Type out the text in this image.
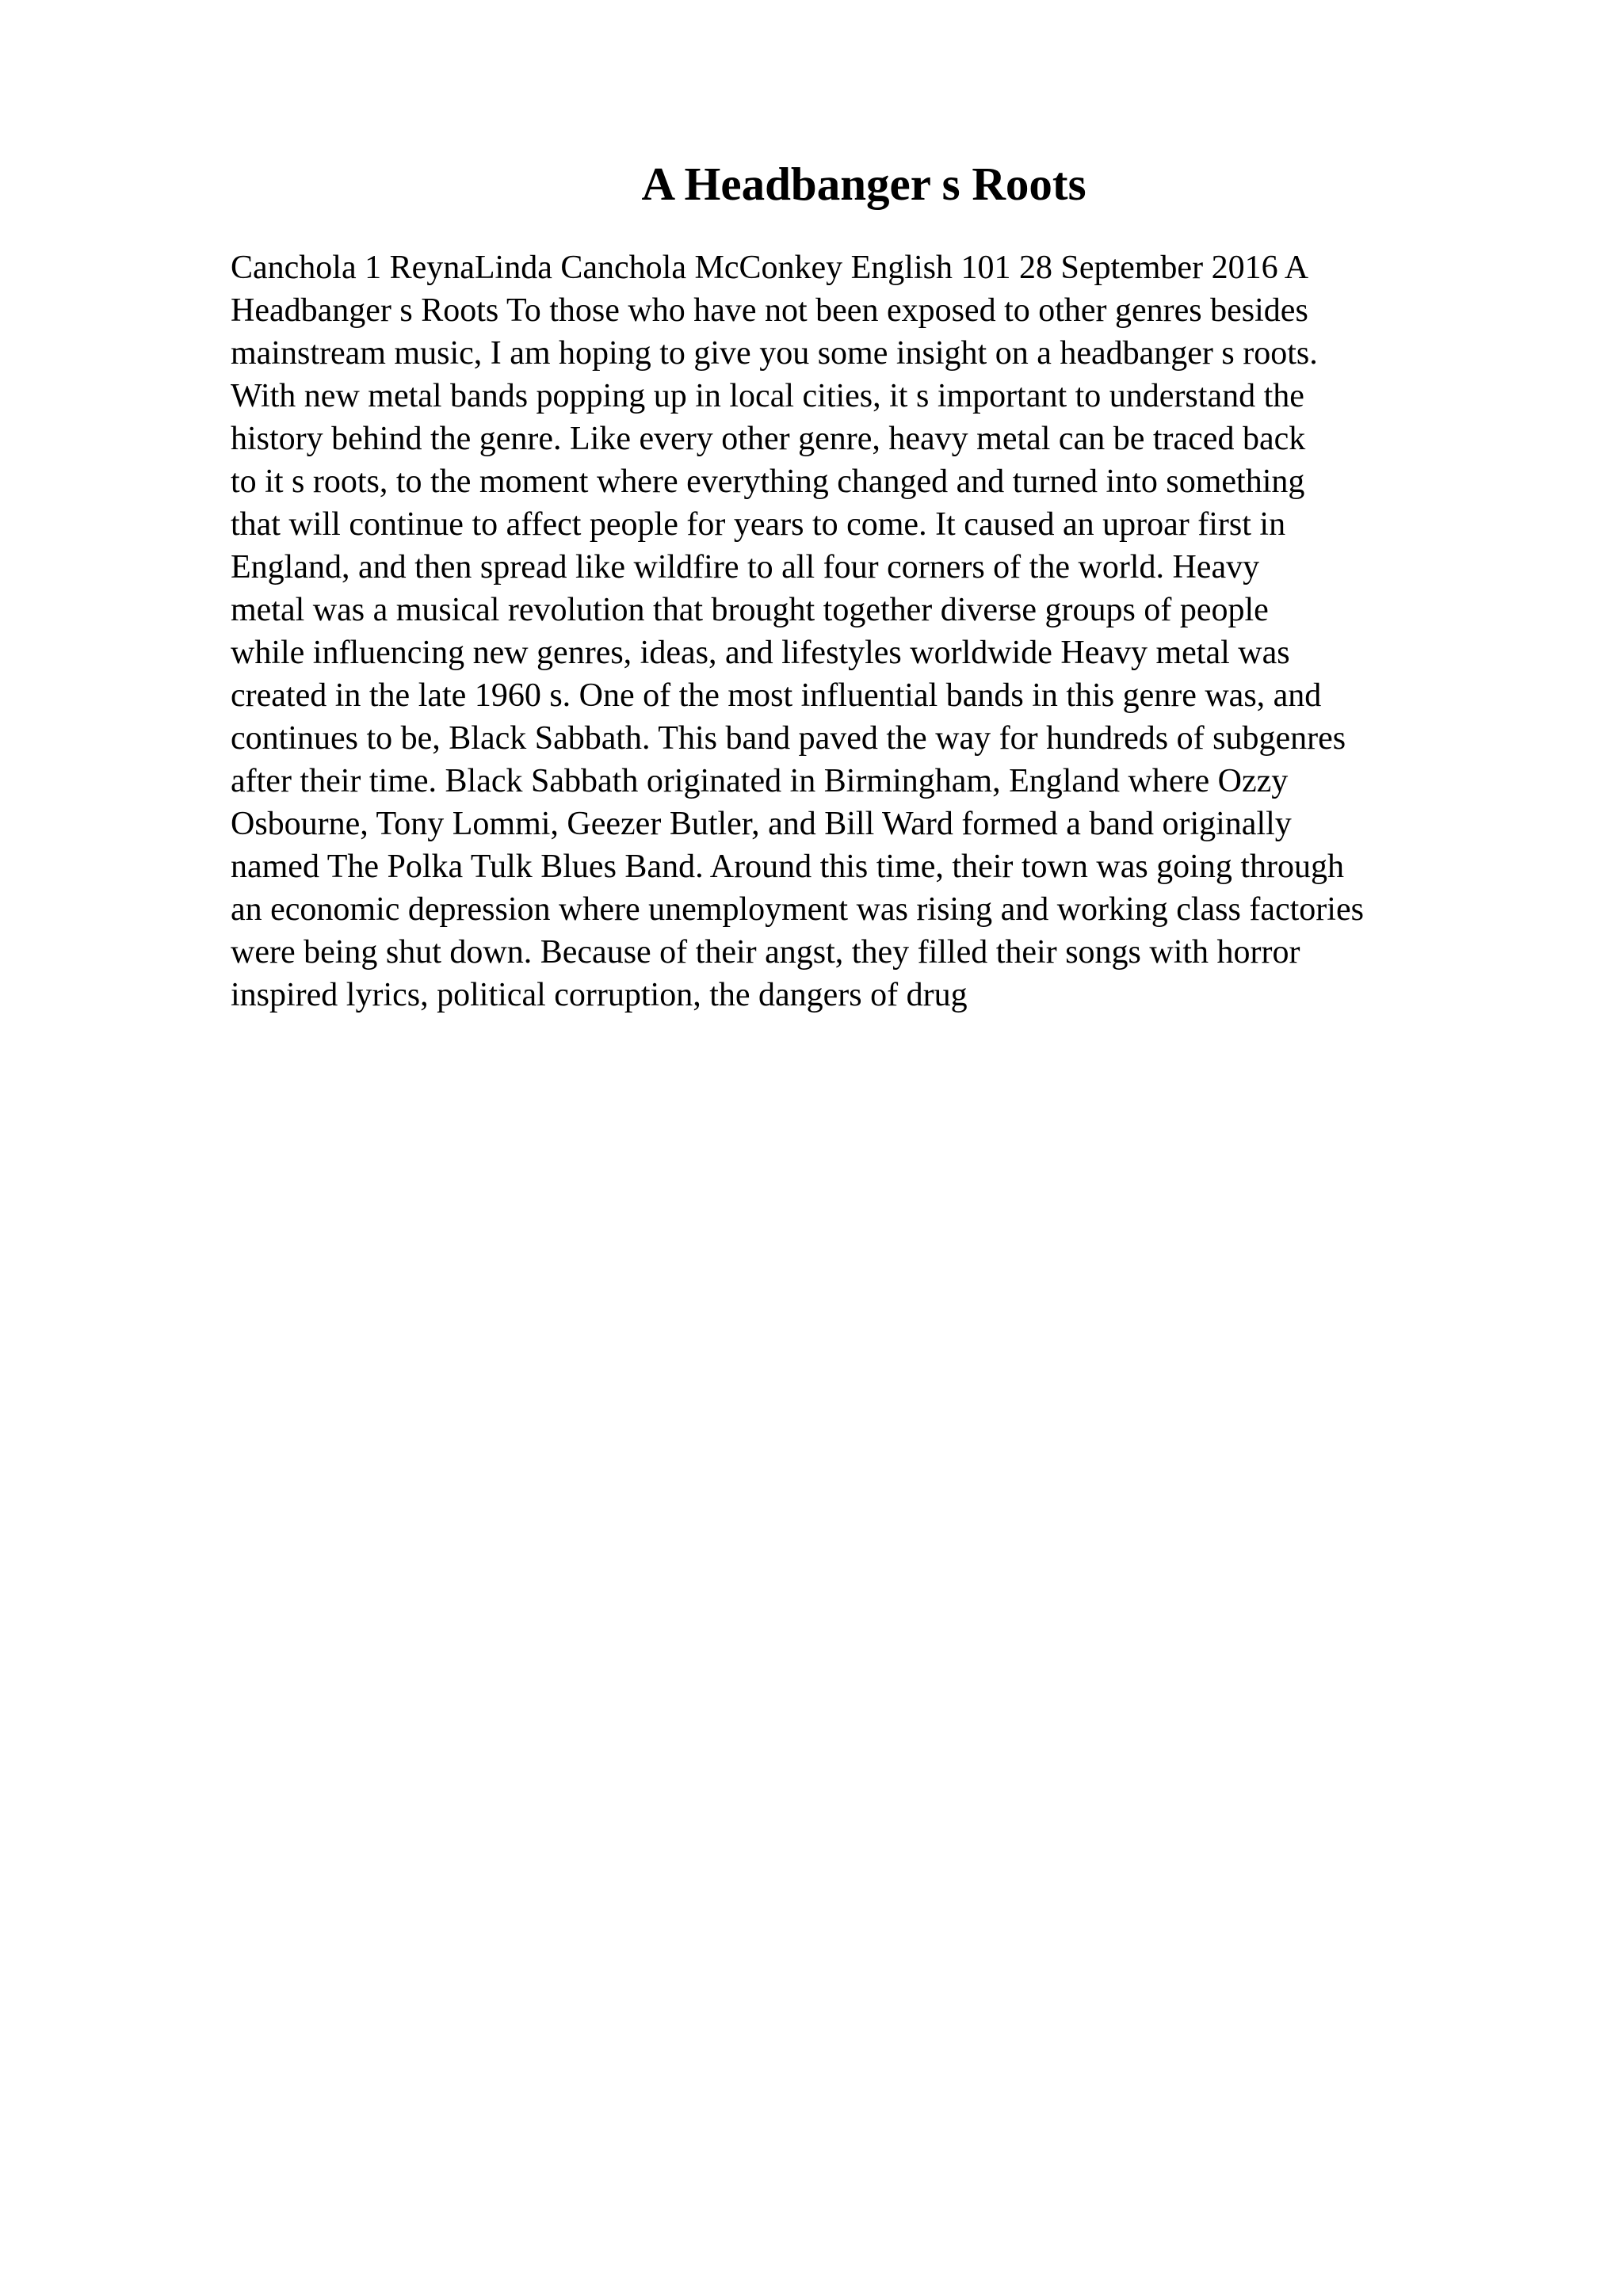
A Headbanger s Roots
Canchola 1 ReynaLinda Canchola McConkey English 101 28 September 2016 A
Headbanger s Roots To those who have not been exposed to other genres besides
mainstream music, I am hoping to give you some insight on a headbanger s roots.
With new metal bands popping up in local cities, it s important to understand the
history behind the genre. Like every other genre, heavy metal can be traced back
to it s roots, to the moment where everything changed and turned into something
that will continue to affect people for years to come. It caused an uproar first in
England, and then spread like wildfire to all four corners of the world. Heavy
metal was a musical revolution that brought together diverse groups of people
while influencing new genres, ideas, and lifestyles worldwide Heavy metal was
created in the late 1960 s. One of the most influential bands in this genre was, and
continues to be, Black Sabbath. This band paved the way for hundreds of subgenres
after their time. Black Sabbath originated in Birmingham, England where Ozzy
Osbourne, Tony Lommi, Geezer Butler, and Bill Ward formed a band originally
named The Polka Tulk Blues Band. Around this time, their town was going through
an economic depression where unemployment was rising and working class factories
were being shut down. Because of their angst, they filled their songs with horror
inspired lyrics, political corruption, the dangers of drug
